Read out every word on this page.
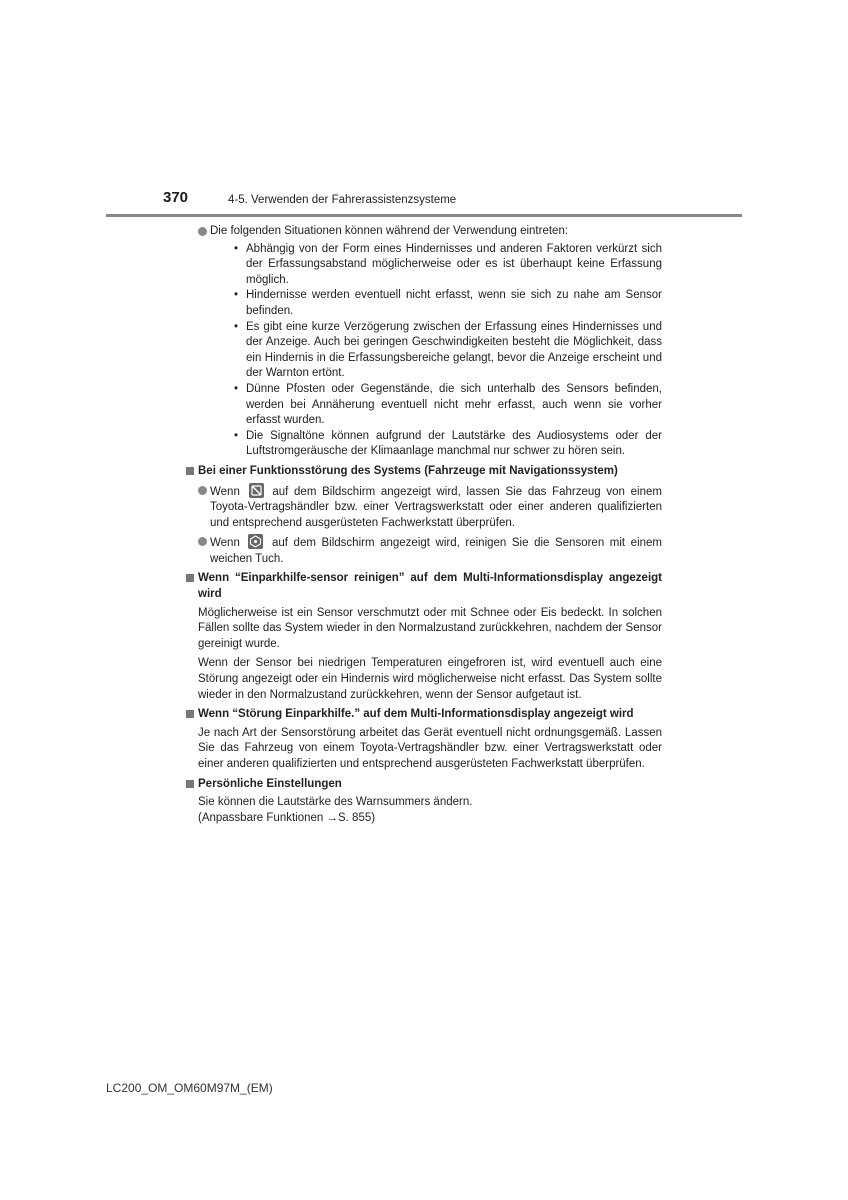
370	4-5. Verwenden der Fahrerassistenzsysteme
Die folgenden Situationen können während der Verwendung eintreten:
• Abhängig von der Form eines Hindernisses und anderen Faktoren verkürzt sich der Erfassungsabstand möglicherweise oder es ist überhaupt keine Erfassung möglich.
• Hindernisse werden eventuell nicht erfasst, wenn sie sich zu nahe am Sensor befinden.
• Es gibt eine kurze Verzögerung zwischen der Erfassung eines Hindernisses und der Anzeige. Auch bei geringen Geschwindigkeiten besteht die Möglichkeit, dass ein Hindernis in die Erfassungsbereiche gelangt, bevor die Anzeige erscheint und der Warnton ertönt.
• Dünne Pfosten oder Gegenstände, die sich unterhalb des Sensors befinden, werden bei Annäherung eventuell nicht mehr erfasst, auch wenn sie vorher erfasst wurden.
• Die Signaltöne können aufgrund der Lautstärke des Audiosystems oder der Luftstromgeräusche der Klimaanlage manchmal nur schwer zu hören sein.
Bei einer Funktionsstörung des Systems (Fahrzeuge mit Navigationssystem)
Wenn	auf dem Bildschirm angezeigt wird, lassen Sie das Fahrzeug von einem Toyota-Vertragshändler bzw. einer Vertragswerkstatt oder einer anderen qualifizierten und entsprechend ausgerüsteten Fachwerkstatt überprüfen.
Wenn	auf dem Bildschirm angezeigt wird, reinigen Sie die Sensoren mit einem weichen Tuch.
Wenn “Einparkhilfe-sensor reinigen” auf dem Multi-Informationsdisplay angezeigt wird
Möglicherweise ist ein Sensor verschmutzt oder mit Schnee oder Eis bedeckt. In solchen Fällen sollte das System wieder in den Normalzustand zurückkehren, nachdem der Sensor gereinigt wurde.
Wenn der Sensor bei niedrigen Temperaturen eingefroren ist, wird eventuell auch eine Störung angezeigt oder ein Hindernis wird möglicherweise nicht erfasst. Das System sollte wieder in den Normalzustand zurückkehren, wenn der Sensor aufgetaut ist.
Wenn “Störung Einparkhilfe.” auf dem Multi-Informationsdisplay angezeigt wird
Je nach Art der Sensorstörung arbeitet das Gerät eventuell nicht ordnungsgemäß. Lassen Sie das Fahrzeug von einem Toyota-Vertragshändler bzw. einer Vertragswerkstatt oder einer anderen qualifizierten und entsprechend ausgerüsteten Fachwerkstatt überprüfen.
Persönliche Einstellungen
Sie können die Lautstärke des Warnsummers ändern.
(Anpassbare Funktionen →S. 855)
LC200_OM_OM60M97M_(EM)
